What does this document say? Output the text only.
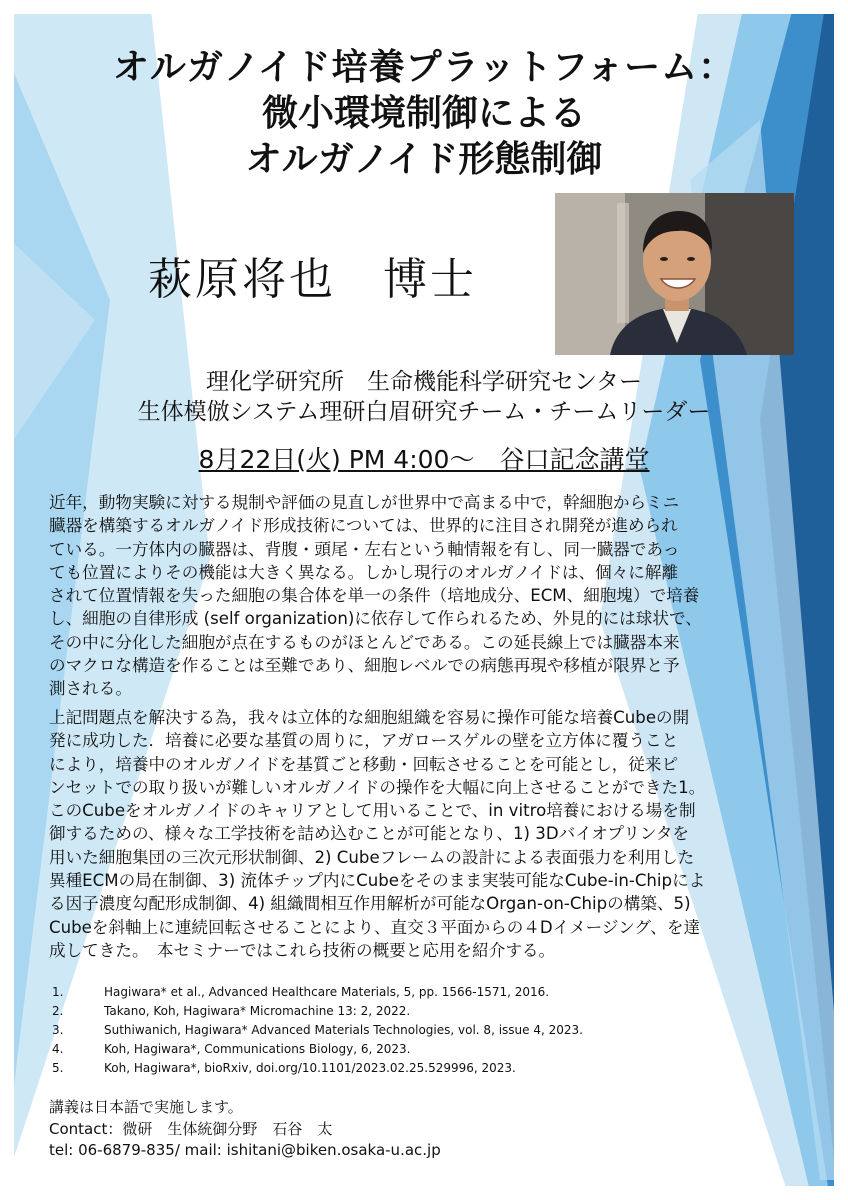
オルガノイド培養プラットフォーム：
微小環境制御による
オルガノイド形態制御

萩原将也　博士

理化学研究所　生命機能科学研究センター

生体模倣システム理研白眉研究チーム・チームリーダー

8月22日(火) PM 4:00～　谷口記念講堂

近年，動物実験に対する規制や評価の見直しが世界中で高まる中で，幹細胞からミニ
臓器を構築するオルガノイド形成技術については、世界的に注目され開発が進められ
ている。一方体内の臓器は、背腹・頭尾・左右という軸情報を有し、同一臓器であっ
ても位置によりその機能は大きく異なる。しかし現行のオルガノイドは、個々に解離
されて位置情報を失った細胞の集合体を単一の条件（培地成分、ECM、細胞塊）で培養
し、細胞の自律形成 (self organization)に依存して作られるため、外見的には球状で、
その中に分化した細胞が点在するものがほとんどである。この延長線上では臓器本来
のマクロな構造を作ることは至難であり、細胞レベルでの病態再現や移植が限界と予
測される。
上記問題点を解決する為，我々は立体的な細胞組織を容易に操作可能な培養Cubeの開
発に成功した．培養に必要な基質の周りに，アガロースゲルの壁を立方体に覆うこと
により，培養中のオルガノイドを基質ごと移動・回転させることを可能とし，従来ピ
ンセットでの取り扱いが難しいオルガノイドの操作を大幅に向上させることができた1。
このCubeをオルガノイドのキャリアとして用いることで、in vitro培養における場を制
御するための、様々な工学技術を詰め込むことが可能となり、1) 3Dバイオプリンタを
用いた細胞集団の三次元形状制御、2) Cubeフレームの設計による表面張力を利用した
異種ECMの局在制御、3) 流体チップ内にCubeをそのまま実装可能なCube-in-Chipによ
る因子濃度勾配形成制御、4) 組織間相互作用解析が可能なOrgan-on-Chipの構築、5)
Cubeを斜軸上に連続回転させることにより、直交３平面からの４Dイメージング、を達
成してきた。　本セミナーではこれら技術の概要と応用を紹介する。
1.	Hagiwara* et al., Advanced Healthcare Materials, 5, pp. 1566-1571, 2016.
2.	Takano, Koh, Hagiwara* Micromachine 13: 2, 2022.
3.	Suthiwanich, Hagiwara* Advanced Materials Technologies, vol. 8, issue 4, 2023.
4.	Koh, Hagiwara*, Communications Biology, 6, 2023.
5.	Koh, Hagiwara*, bioRxiv, doi.org/10.1101/2023.02.25.529996, 2023.

講義は日本語で実施します。

Contact：微研　生体統御分野　石谷　太

tel: 06-6879-835/ mail: ishitani@biken.osaka-u.ac.jp
